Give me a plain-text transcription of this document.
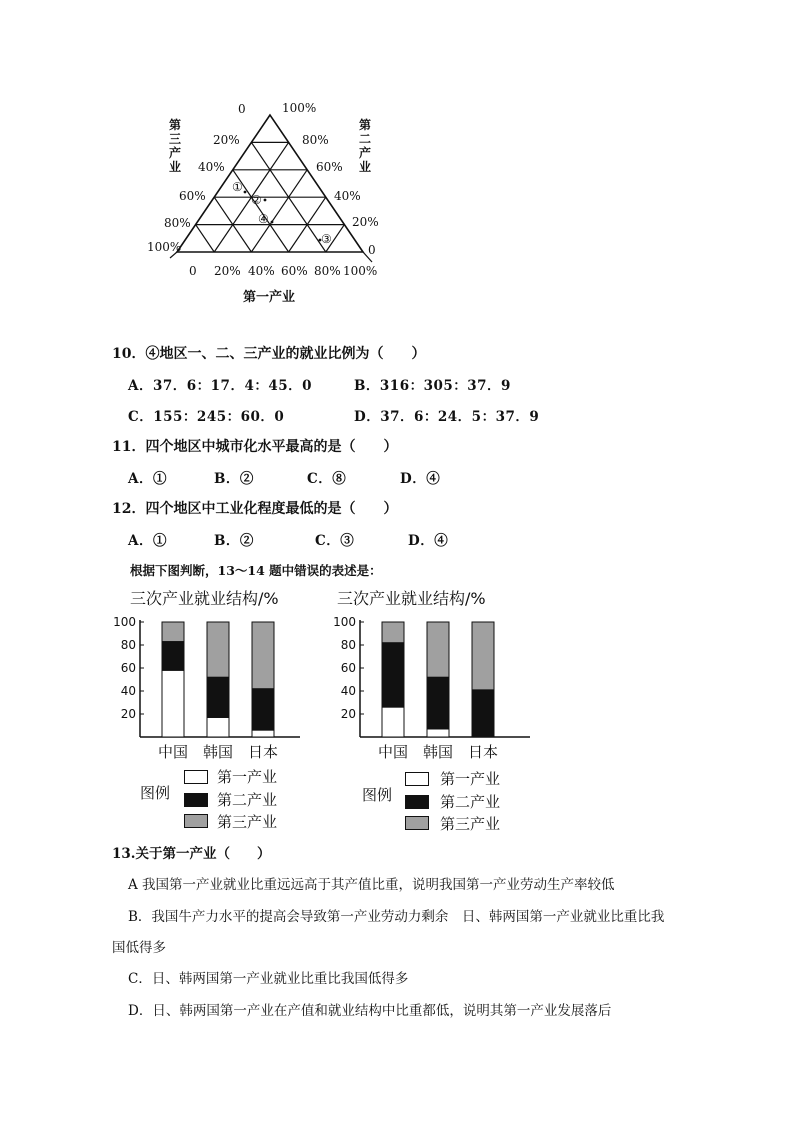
①
②
④
③
0
20%
40%
60%
80%
100%
100%
80%
60%
40%
20%
0
0 20% 40% 60% 80% 100%
第三产业
第二产业
第一产业
10．④地区一、二、三产业的就业比例为（　　）
A．37．6：17．4：45．0	B．316：305：37．9
C．155：245：60．0	D．37．6：24．5：37．9
11．四个地区中城市化水平最高的是（　　）
A．①	B．②	C．⑧	D．④
12．四个地区中工业化程度最低的是（　　）
A．①	B．②	C．③	D．④
根据下图判断，13～14 题中错误的表述是：
三次产业就业结构/%	三次产业就业结构/%
20
40
60
80
100
中国 韩国 日本
20
40
60
80
100
中国 韩国 日本
图例
第一产业
第二产业
第三产业
图例
第一产业
第二产业
第三产业
13.关于第一产业（　　）
A 我国第一产业就业比重远远高于其产值比重，说明我国第一产业劳动生产率较低
B．我国牛产力水平的提高会导致第一产业劳动力剩余　日、韩两国第一产业就业比重比我
国低得多
C．日、韩两国第一产业就业比重比我国低得多
D．日、韩两国第一产业在产值和就业结构中比重都低，说明其第一产业发展落后
